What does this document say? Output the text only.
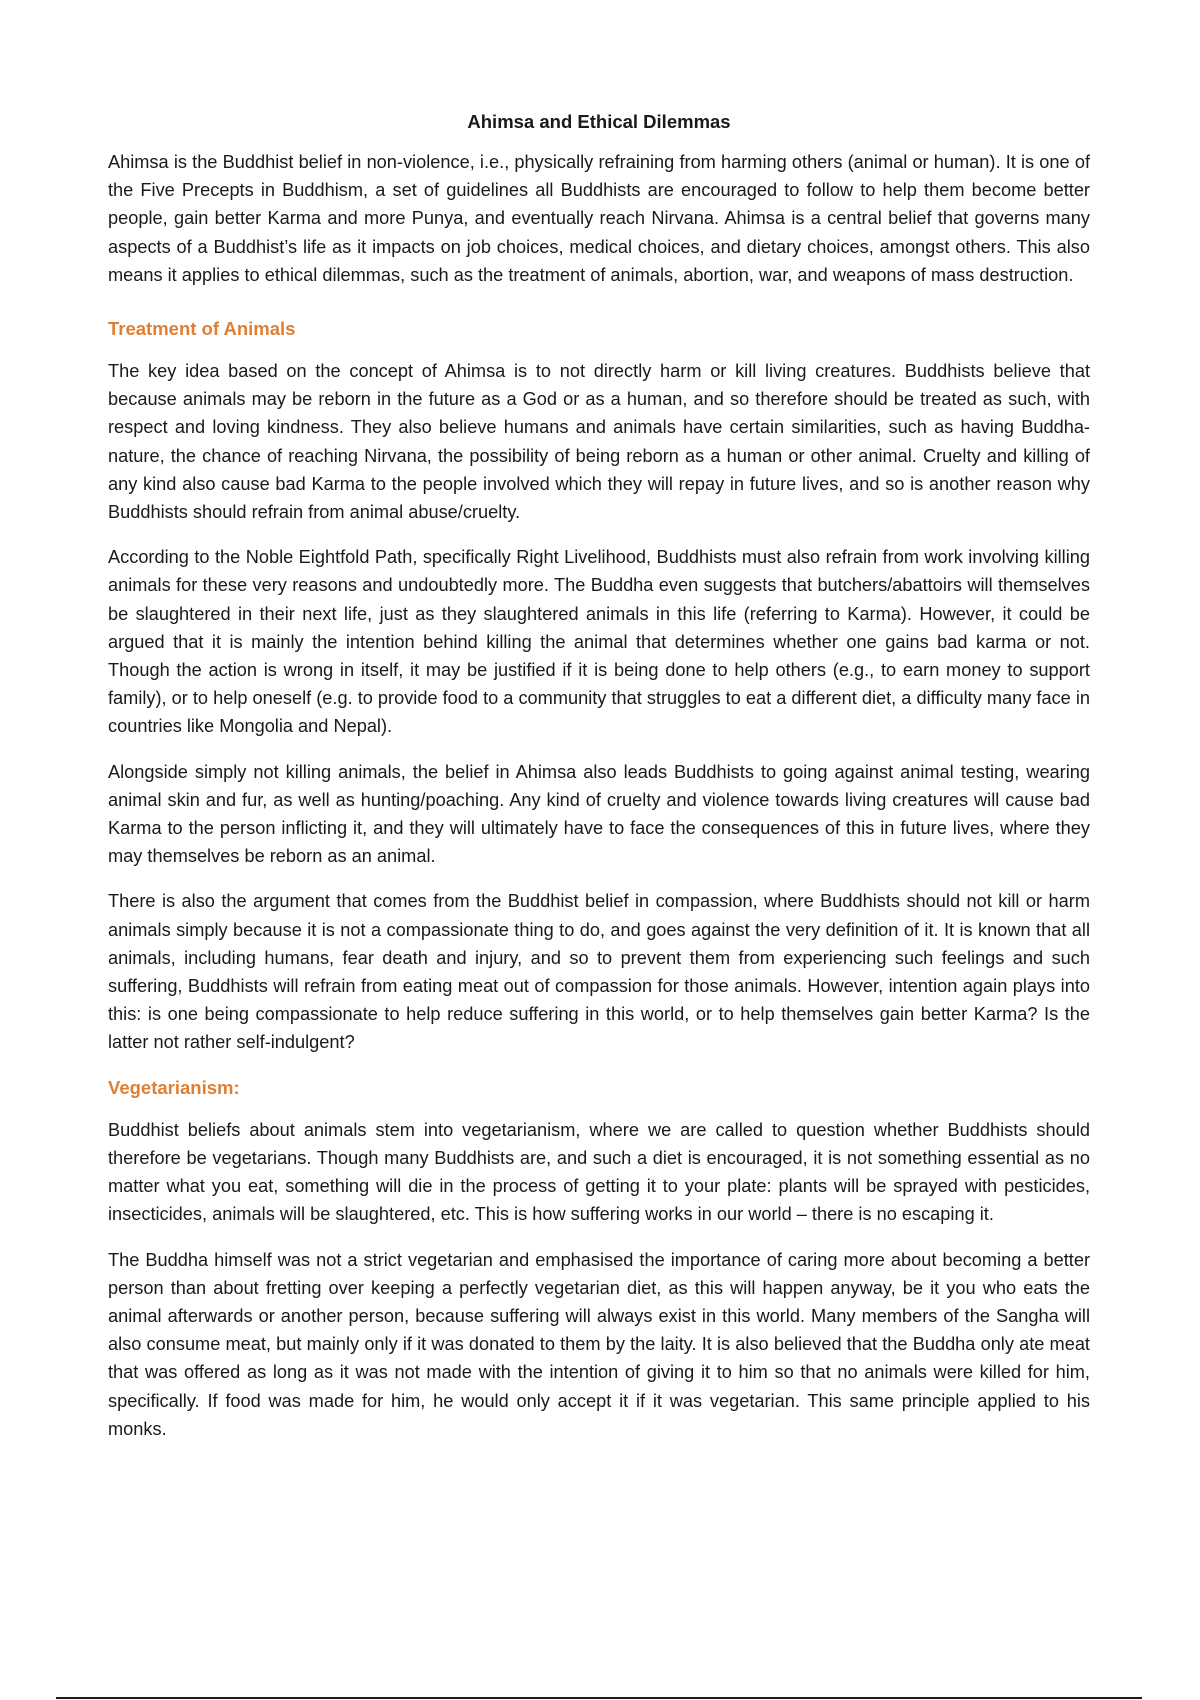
Ahimsa and Ethical Dilemmas

Ahimsa is the Buddhist belief in non-violence, i.e., physically refraining from harming others (animal or human). It is one of the Five Precepts in Buddhism, a set of guidelines all Buddhists are encouraged to follow to help them become better people, gain better Karma and more Punya, and eventually reach Nirvana. Ahimsa is a central belief that governs many aspects of a Buddhist’s life as it impacts on job choices, medical choices, and dietary choices, amongst others. This also means it applies to ethical dilemmas, such as the treatment of animals, abortion, war, and weapons of mass destruction.

Treatment of Animals

The key idea based on the concept of Ahimsa is to not directly harm or kill living creatures. Buddhists believe that because animals may be reborn in the future as a God or as a human, and so therefore should be treated as such, with respect and loving kindness. They also believe humans and animals have certain similarities, such as having Buddha-nature, the chance of reaching Nirvana, the possibility of being reborn as a human or other animal. Cruelty and killing of any kind also cause bad Karma to the people involved which they will repay in future lives, and so is another reason why Buddhists should refrain from animal abuse/cruelty.

According to the Noble Eightfold Path, specifically Right Livelihood, Buddhists must also refrain from work involving killing animals for these very reasons and undoubtedly more. The Buddha even suggests that butchers/abattoirs will themselves be slaughtered in their next life, just as they slaughtered animals in this life (referring to Karma). However, it could be argued that it is mainly the intention behind killing the animal that determines whether one gains bad karma or not. Though the action is wrong in itself, it may be justified if it is being done to help others (e.g., to earn money to support family), or to help oneself (e.g. to provide food to a community that struggles to eat a different diet, a difficulty many face in countries like Mongolia and Nepal).

Alongside simply not killing animals, the belief in Ahimsa also leads Buddhists to going against animal testing, wearing animal skin and fur, as well as hunting/poaching. Any kind of cruelty and violence towards living creatures will cause bad Karma to the person inflicting it, and they will ultimately have to face the consequences of this in future lives, where they may themselves be reborn as an animal.

There is also the argument that comes from the Buddhist belief in compassion, where Buddhists should not kill or harm animals simply because it is not a compassionate thing to do, and goes against the very definition of it. It is known that all animals, including humans, fear death and injury, and so to prevent them from experiencing such feelings and such suffering, Buddhists will refrain from eating meat out of compassion for those animals. However, intention again plays into this: is one being compassionate to help reduce suffering in this world, or to help themselves gain better Karma? Is the latter not rather self-indulgent?

Vegetarianism:

Buddhist beliefs about animals stem into vegetarianism, where we are called to question whether Buddhists should therefore be vegetarians. Though many Buddhists are, and such a diet is encouraged, it is not something essential as no matter what you eat, something will die in the process of getting it to your plate: plants will be sprayed with pesticides, insecticides, animals will be slaughtered, etc. This is how suffering works in our world – there is no escaping it.

The Buddha himself was not a strict vegetarian and emphasised the importance of caring more about becoming a better person than about fretting over keeping a perfectly vegetarian diet, as this will happen anyway, be it you who eats the animal afterwards or another person, because suffering will always exist in this world. Many members of the Sangha will also consume meat, but mainly only if it was donated to them by the laity. It is also believed that the Buddha only ate meat that was offered as long as it was not made with the intention of giving it to him so that no animals were killed for him, specifically. If food was made for him, he would only accept it if it was vegetarian. This same principle applied to his monks.
